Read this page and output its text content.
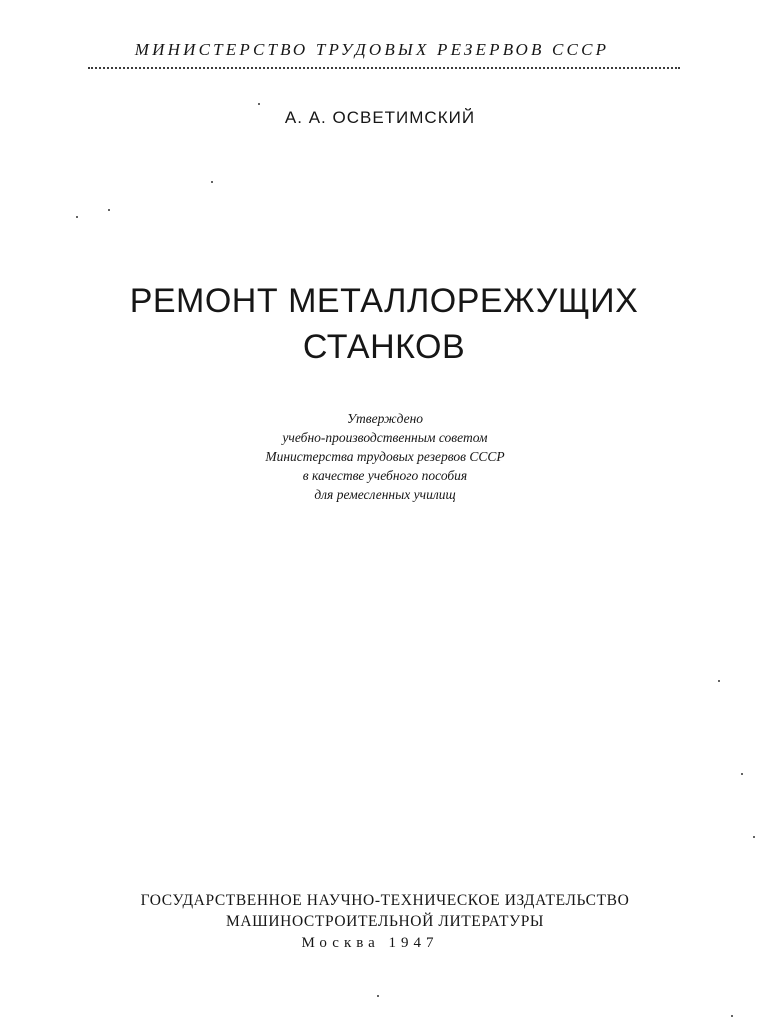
МИНИСТЕРСТВО ТРУДОВЫХ РЕЗЕРВОВ СССР
А. А. ОСВЕТИМСКИЙ
РЕМОНТ МЕТАЛЛОРЕЖУЩИХ
СТАНКОВ
Утверждено
учебно-производственным советом
Министерства трудовых резервов СССР
в качестве учебного пособия
для ремесленных училищ
ГОСУДАРСТВЕННОЕ НАУЧНО-ТЕХНИЧЕСКОЕ ИЗДАТЕЛЬСТВО
МАШИНОСТРОИТЕЛЬНОЙ ЛИТЕРАТУРЫ
Москва 1947
